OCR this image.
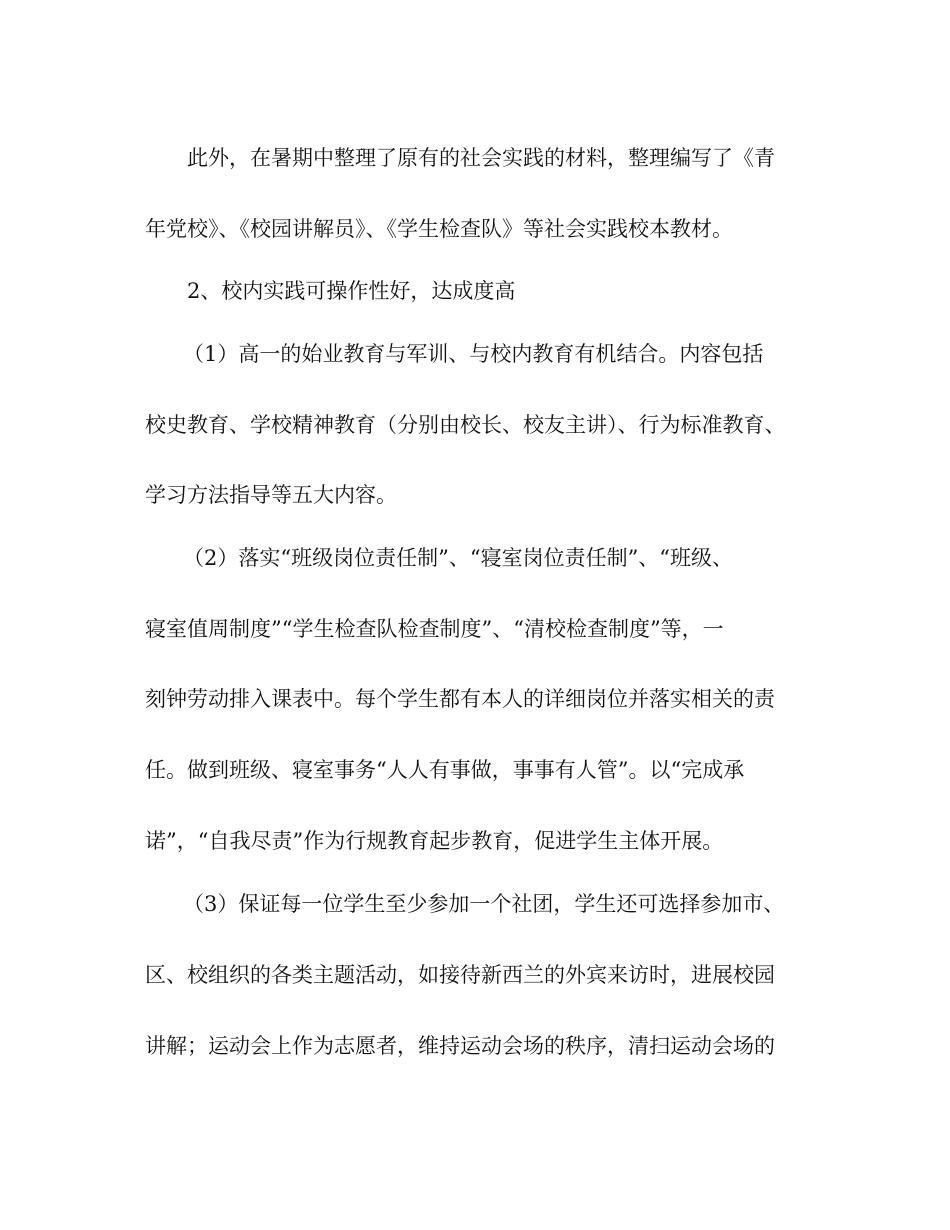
此外，在暑期中整理了原有的社会实践的材料，整理编写了《青
年党校》、《校园讲解员》、《学生检查队》等社会实践校本教材。
2、校内实践可操作性好，达成度高
（1）高一的始业教育与军训、与校内教育有机结合。内容包括
校史教育、学校精神教育（分别由校长、校友主讲）、行为标准教育、
学习方法指导等五大内容。
（2）落实“班级岗位责任制”、“寝室岗位责任制”、“班级、
寝室值周制度”“学生检查队检查制度”、“清校检查制度”等，一
刻钟劳动排入课表中。每个学生都有本人的详细岗位并落实相关的责
任。做到班级、寝室事务“人人有事做，事事有人管”。以“完成承
诺”，“自我尽责”作为行规教育起步教育，促进学生主体开展。
（3）保证每一位学生至少参加一个社团，学生还可选择参加市、
区、校组织的各类主题活动，如接待新西兰的外宾来访时，进展校园
讲解；运动会上作为志愿者，维持运动会场的秩序，清扫运动会场的
